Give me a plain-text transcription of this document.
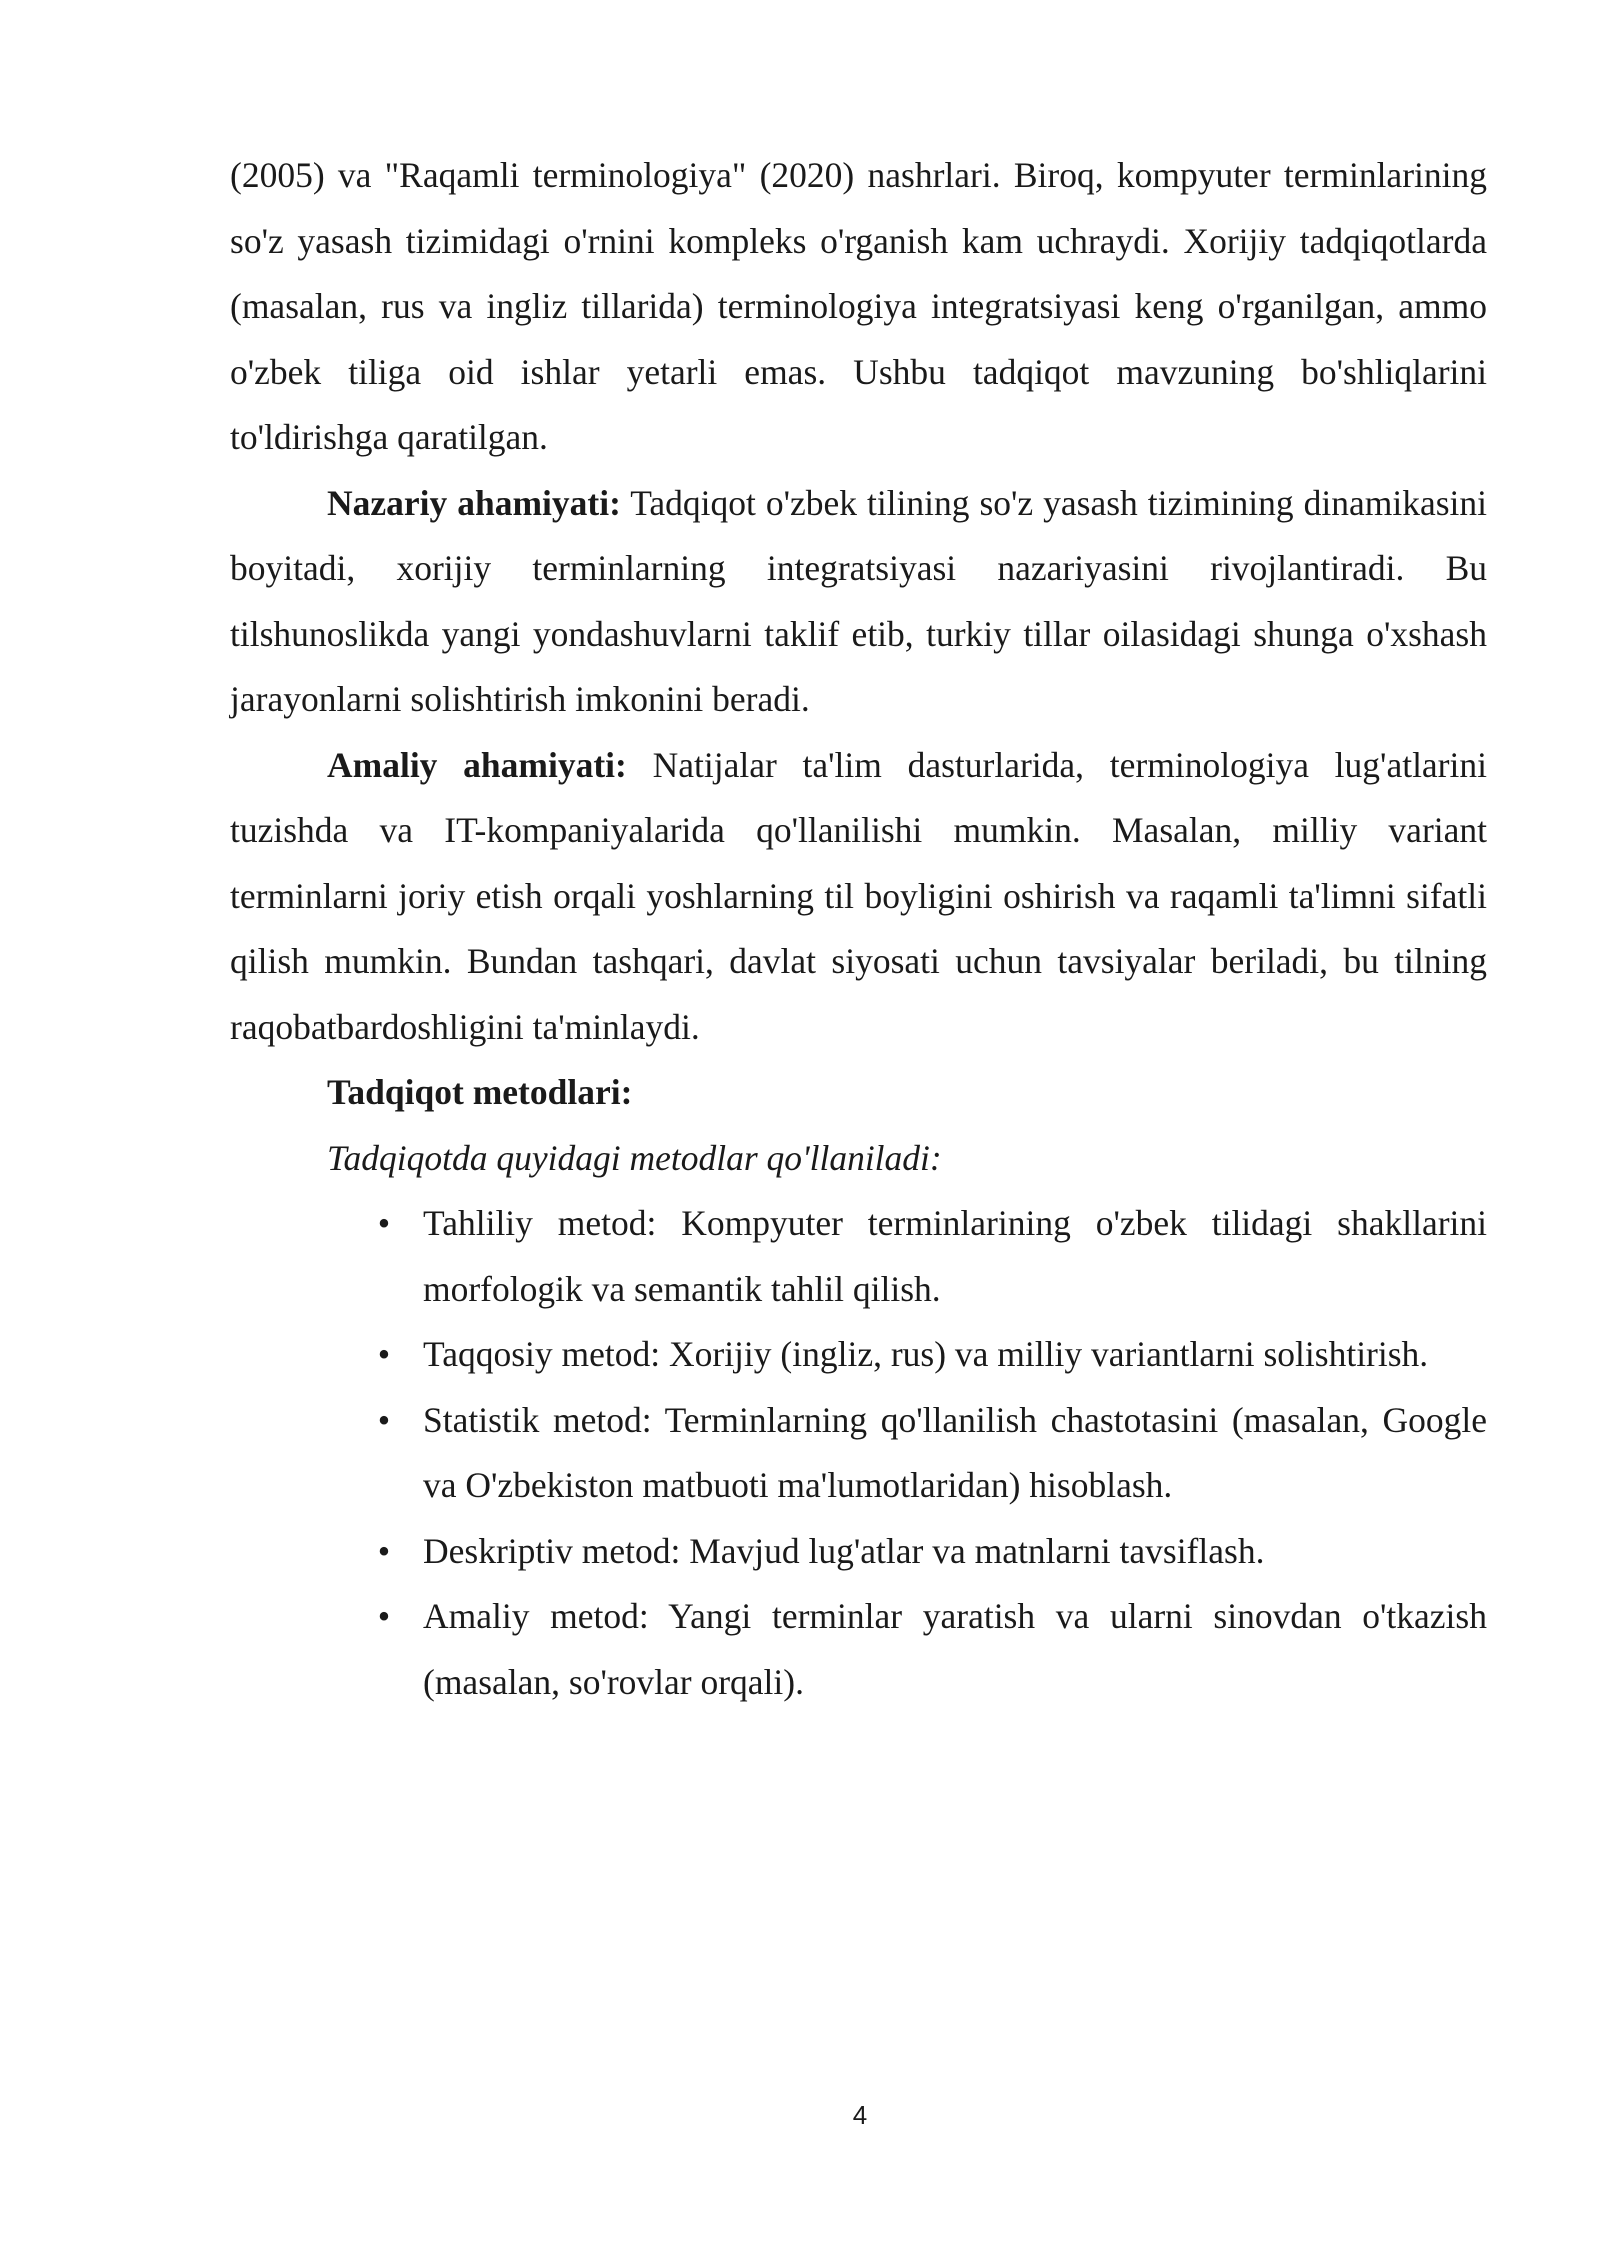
(2005) va "Raqamli terminologiya" (2020) nashrlari. Biroq, kompyuter terminlarining so'z yasash tizimidagi o'rnini kompleks o'rganish kam uchraydi. Xorijiy tadqiqotlarda (masalan, rus va ingliz tillarida) terminologiya integratsiyasi keng o'rganilgan, ammo o'zbek tiliga oid ishlar yetarli emas. Ushbu tadqiqot mavzuning bo'shliqlarini to'ldirishga qaratilgan.

Nazariy ahamiyati: Tadqiqot o'zbek tilining so'z yasash tizimining dinamikasini boyitadi, xorijiy terminlarning integratsiyasi nazariyasini rivojlantiradi. Bu tilshunoslikda yangi yondashuvlarni taklif etib, turkiy tillar oilasidagi shunga o'xshash jarayonlarni solishtirish imkonini beradi.

Amaliy ahamiyati: Natijalar ta'lim dasturlarida, terminologiya lug'atlarini tuzishda va IT-kompaniyalarida qo'llanilishi mumkin. Masalan, milliy variant terminlarni joriy etish orqali yoshlarning til boyligini oshirish va raqamli ta'limni sifatli qilish mumkin. Bundan tashqari, davlat siyosati uchun tavsiyalar beriladi, bu tilning raqobatbardoshligini ta'minlaydi.

Tadqiqot metodlari:

Tadqiqotda quyidagi metodlar qo'llaniladi:

• Tahliliy metod: Kompyuter terminlarining o'zbek tilidagi shakllarini morfologik va semantik tahlil qilish.
• Taqqosiy metod: Xorijiy (ingliz, rus) va milliy variantlarni solishtirish.
• Statistik metod: Terminlarning qo'llanilish chastotasini (masalan, Google va O'zbekiston matbuoti ma'lumotlaridan) hisoblash.
• Deskriptiv metod: Mavjud lug'atlar va matnlarni tavsiflash.
• Amaliy metod: Yangi terminlar yaratish va ularni sinovdan o'tkazish (masalan, so'rovlar orqali).
4
